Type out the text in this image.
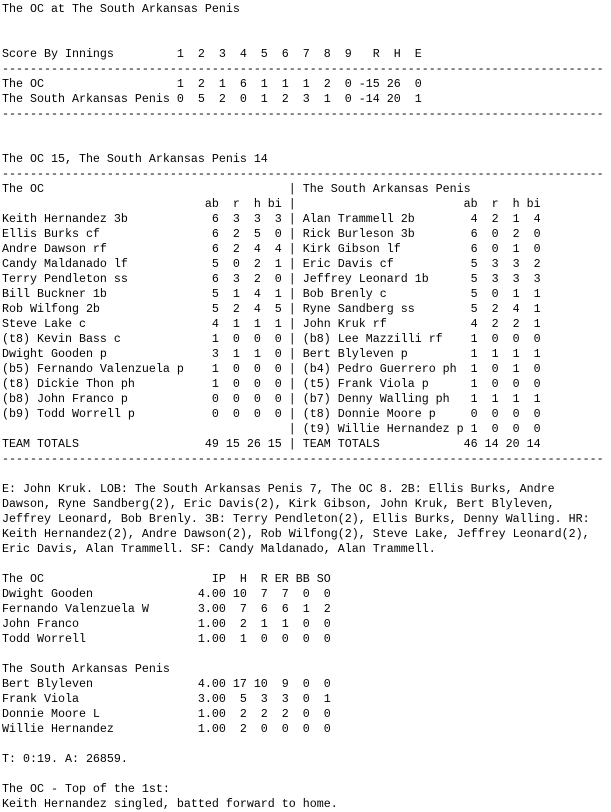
The OC at The South Arkansas Penis
Score By Innings         1  2  3  4  5  6  7  8  9   R  H  E
--------------------------------------------------------------------------------------
The OC                   1  2  1  6  1  1  1  2  0 -15 26  0
The South Arkansas Penis 0  5  2  0  1  2  3  1  0 -14 20  1
--------------------------------------------------------------------------------------
The OC 15, The South Arkansas Penis 14
--------------------------------------------------------------------------------------
The OC                                   | The South Arkansas Penis
ab  r  h bi |                        ab  r  h bi
Keith Hernandez 3b            6  3  3  3 | Alan Trammell 2b        4  2  1  4
Ellis Burks cf                6  2  5  0 | Rick Burleson 3b        6  0  2  0
Andre Dawson rf               6  2  4  4 | Kirk Gibson lf          6  0  1  0
Candy Maldanado lf            5  0  2  1 | Eric Davis cf           5  3  3  2
Terry Pendleton ss            6  3  2  0 | Jeffrey Leonard 1b      5  3  3  3
Bill Buckner 1b               5  1  4  1 | Bob Brenly c            5  0  1  1
Rob Wilfong 2b                5  2  4  5 | Ryne Sandberg ss        5  2  4  1
Steve Lake c                  4  1  1  1 | John Kruk rf            4  2  2  1
(t8) Kevin Bass c             1  0  0  0 | (b8) Lee Mazzilli rf    1  0  0  0
Dwight Gooden p               3  1  1  0 | Bert Blyleven p         1  1  1  1
(b5) Fernando Valenzuela p    1  0  0  0 | (b4) Pedro Guerrero ph  1  0  1  0
(t8) Dickie Thon ph           1  0  0  0 | (t5) Frank Viola p      1  0  0  0
(b8) John Franco p            0  0  0  0 | (b7) Denny Walling ph   1  1  1  1
(b9) Todd Worrell p           0  0  0  0 | (t8) Donnie Moore p     0  0  0  0
| (t9) Willie Hernandez p 1  0  0  0
TEAM TOTALS                  49 15 26 15 | TEAM TOTALS            46 14 20 14
--------------------------------------------------------------------------------------
E: John Kruk. LOB: The South Arkansas Penis 7, The OC 8. 2B: Ellis Burks, Andre
Dawson, Ryne Sandberg(2), Eric Davis(2), Kirk Gibson, John Kruk, Bert Blyleven,
Jeffrey Leonard, Bob Brenly. 3B: Terry Pendleton(2), Ellis Burks, Denny Walling. HR:
Keith Hernandez(2), Andre Dawson(2), Rob Wilfong(2), Steve Lake, Jeffrey Leonard(2),
Eric Davis, Alan Trammell. SF: Candy Maldanado, Alan Trammell.
The OC                        IP  H  R ER BB SO
Dwight Gooden               4.00 10  7  7  0  0
Fernando Valenzuela W       3.00  7  6  6  1  2
John Franco                 1.00  2  1  1  0  0
Todd Worrell                1.00  1  0  0  0  0

The South Arkansas Penis
Bert Blyleven               4.00 17 10  9  0  0
Frank Viola                 3.00  5  3  3  0  1
Donnie Moore L              1.00  2  2  2  0  0
Willie Hernandez            1.00  2  0  0  0  0
T: 0:19. A: 26859.
The OC - Top of the 1st:
Keith Hernandez singled, batted forward to home.
